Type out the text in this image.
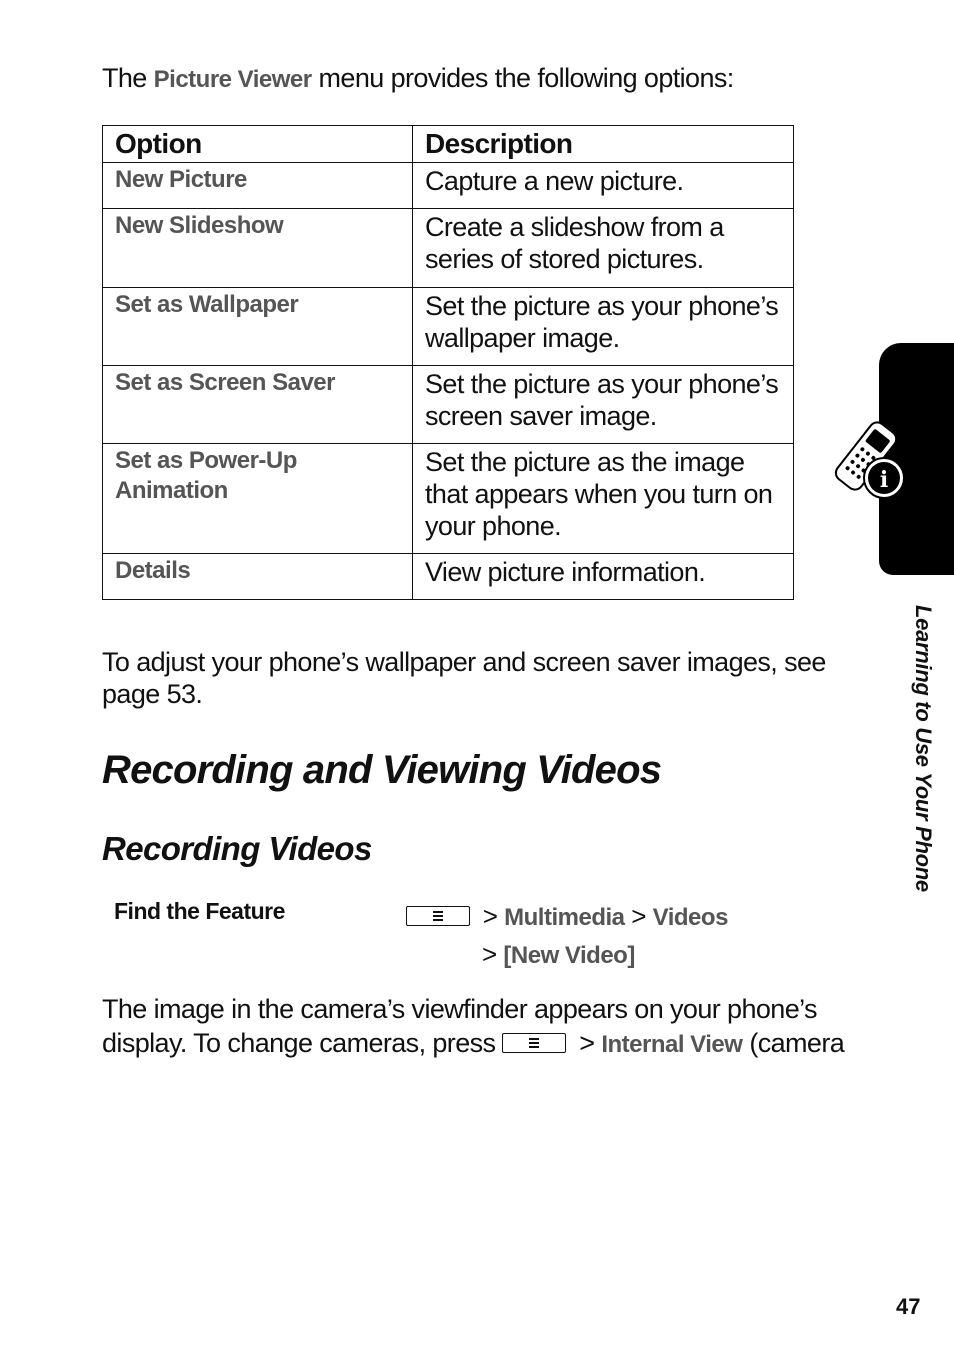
The Picture Viewer menu provides the following options:
Option	Description
New Picture	Capture a new picture.
New Slideshow	Create a slideshow from a series of stored pictures.
Set as Wallpaper	Set the picture as your phone’s wallpaper image.
Set as Screen Saver	Set the picture as your phone’s screen saver image.
Set as Power-Up Animation	Set the picture as the image that appears when you turn on your phone.
Details	View picture information.
To adjust your phone’s wallpaper and screen saver images, see page 53.
Recording and Viewing Videos
Recording Videos
Find the Feature	> Multimedia > Videos
> [New Video]
The image in the camera’s viewfinder appears on your phone’s display. To change cameras, press	> Internal View (camera
i
Learning to Use Your Phone
47
